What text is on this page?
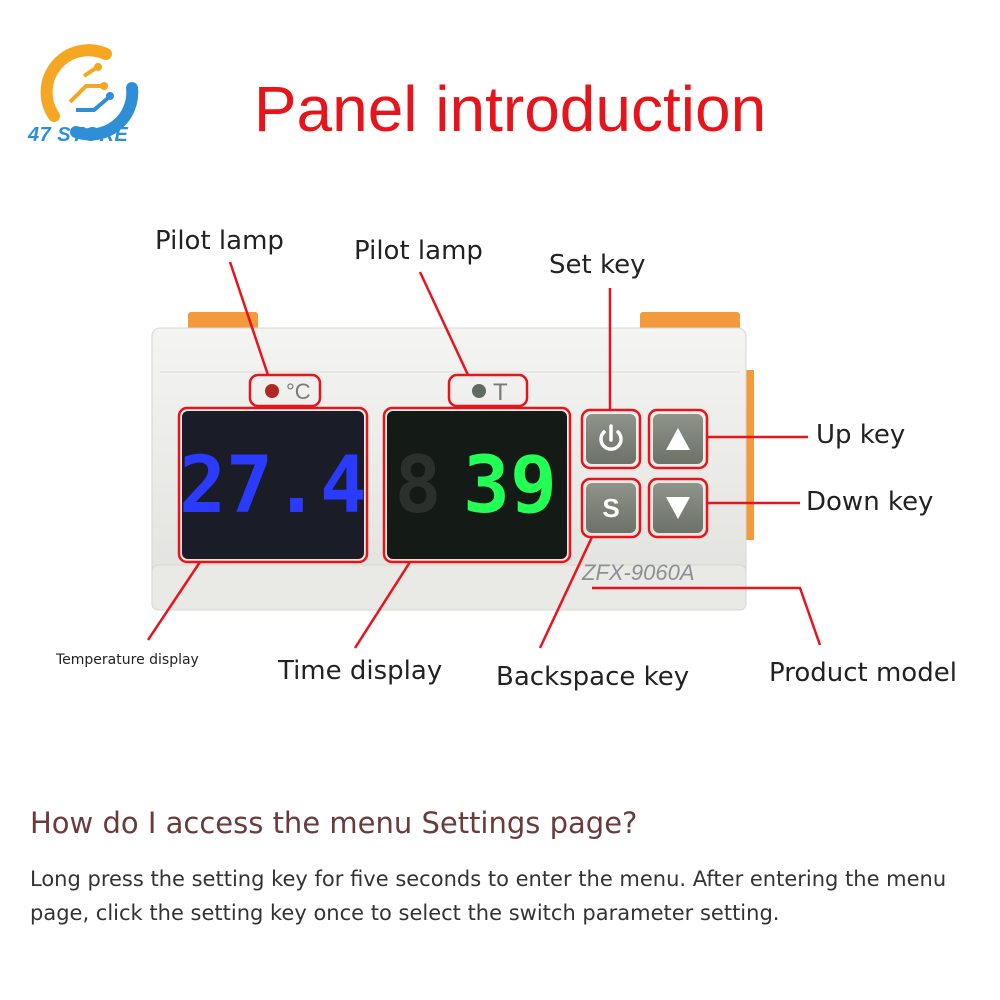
47 STORE	Panel introduction
27.4 8 39
°C	T
S
ZFX-9060A
Pilot lamp	Pilot lamp	Set key
Up key
Down key
Temperature display	Time display Backspace key	Product model
How do I access the menu Settings page?
Long press the setting key for five seconds to enter the menu. After entering the menu page, click the setting key once to select the switch parameter setting.
